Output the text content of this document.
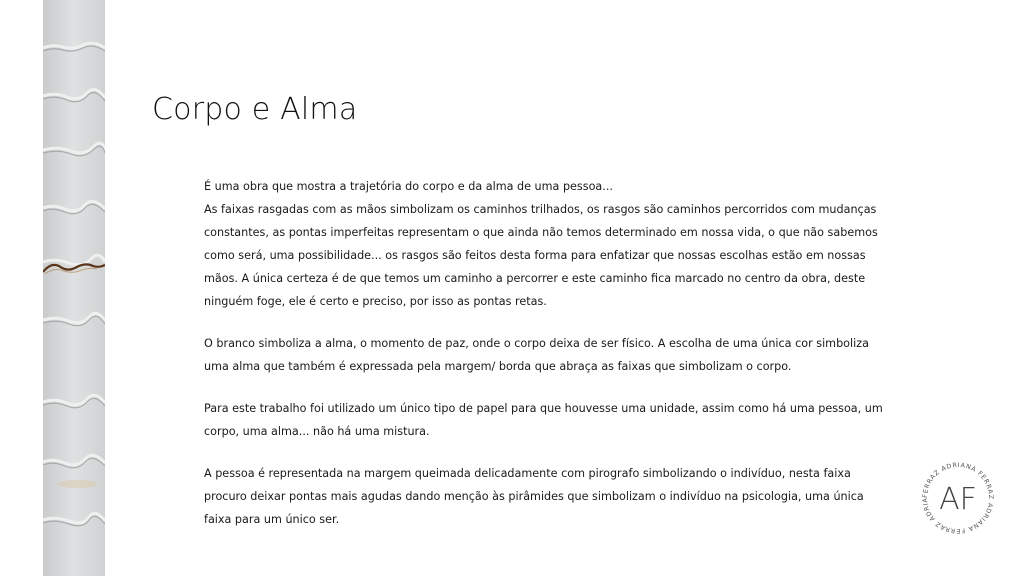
Corpo e Alma

É uma obra que mostra a trajetória do corpo e da alma de uma pessoa...
As faixas rasgadas com as mãos simbolizam os caminhos trilhados, os rasgos são caminhos percorridos com mudanças
constantes, as pontas imperfeitas representam o que ainda não temos determinado em nossa vida, o que não sabemos
como será, uma possibilidade... os rasgos são feitos desta forma para enfatizar que nossas escolhas estão em nossas
mãos. A única certeza é de que temos um caminho a percorrer e este caminho fica marcado no centro da obra, deste
ninguém foge, ele é certo e preciso, por isso as pontas retas.

O branco simboliza a alma, o momento de paz, onde o corpo deixa de ser físico. A escolha de uma única cor simboliza
uma alma que também é expressada pela margem/ borda que abraça as faixas que simbolizam o corpo.

Para este trabalho foi utilizado um único tipo de papel para que houvesse uma unidade, assim como há uma pessoa, um
corpo, uma alma... não há uma mistura.

A pessoa é representada na margem queimada delicadamente com pirografo simbolizando o indivíduo, nesta faixa
procuro deixar pontas mais agudas dando menção às pirâmides que simbolizam o indivíduo na psicologia, uma única
faixa para um único ser.

FERRAZ ADRIANA FERRAZ ADRIANA FERRAZ ADRIA AF
